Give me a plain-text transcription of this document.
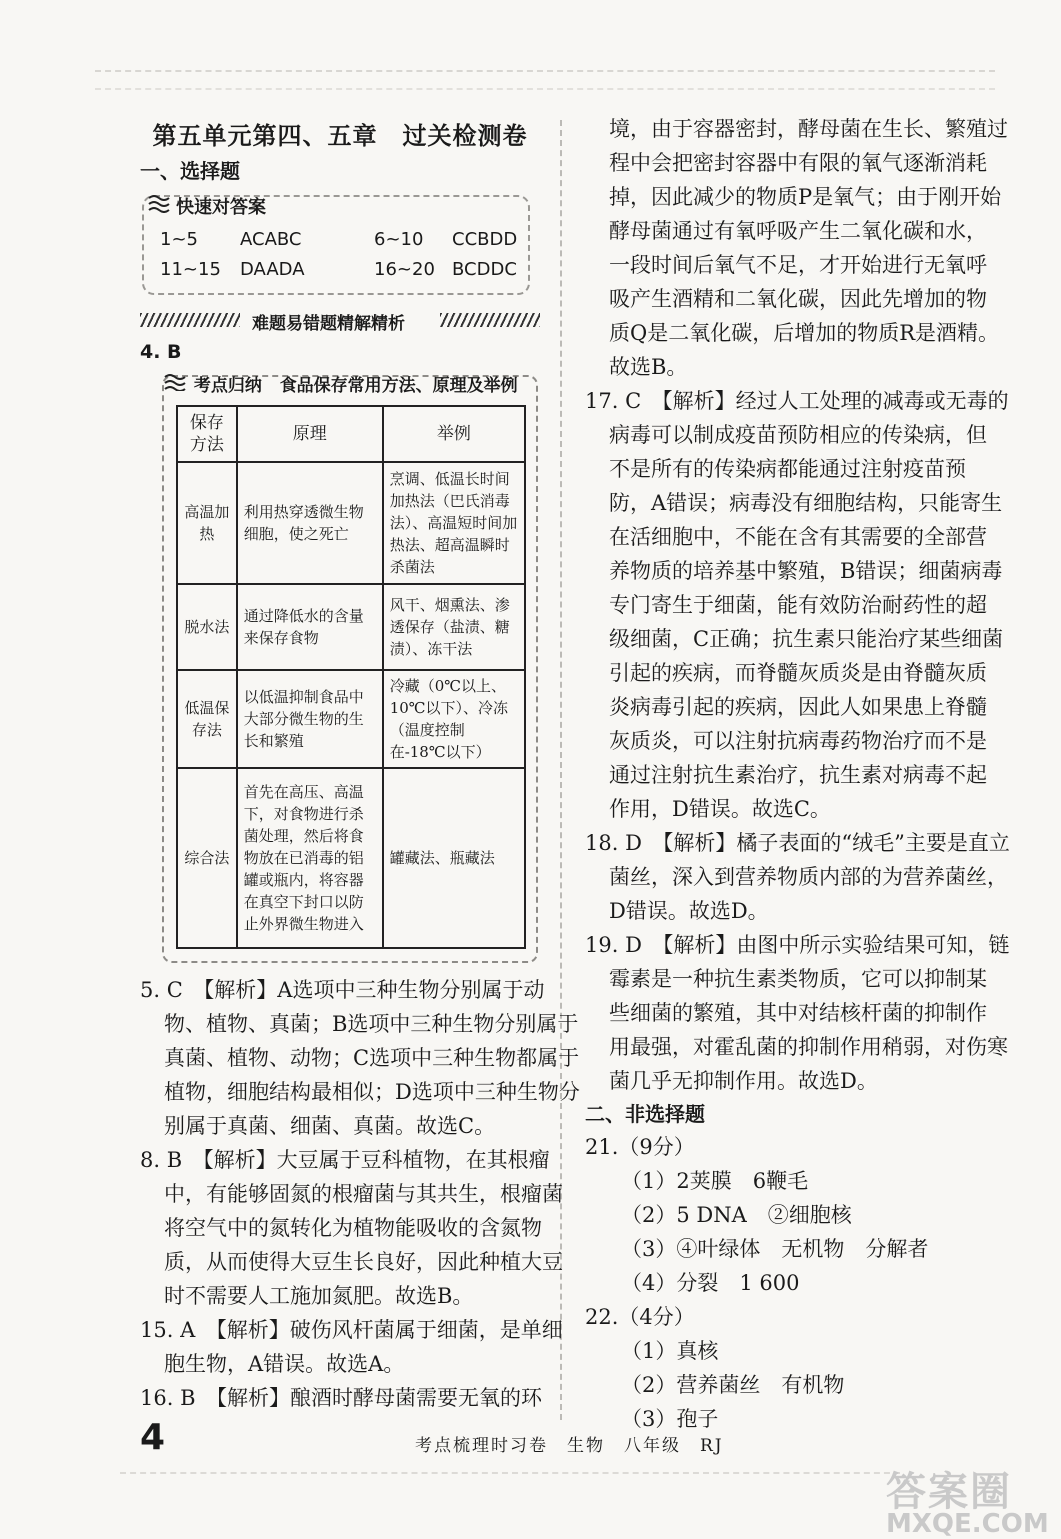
第五单元第四、五章　过关检测卷
一、选择题
快速对答案
1~5 ACABC	6~10 CCBDD
11~15 DAADA	16~20 BCDDC
难题易错题精解精析
4. B
考点归纳 食品保存常用方法、原理及举例
保存方法	原理	举例
高温加热	利用热穿透微生物细胞，使之死亡	烹调、低温长时间加热法（巴氏消毒法）、高温短时间加热法、超高温瞬时杀菌法
脱水法	通过降低水的含量来保存食物	风干、烟熏法、渗透保存（盐渍、糖渍）、冻干法
低温保存法	以低温抑制食品中大部分微生物的生长和繁殖	冷藏（0℃以上、10℃以下）、冷冻（温度控制在-18℃以下）
综合法	首先在高压、高温下，对食物进行杀菌处理，然后将食物放在已消毒的铝罐或瓶内，将容器在真空下封口以防止外界微生物进入	罐藏法、瓶藏法
5. C　【解析】A选项中三种生物分别属于动
物、植物、真菌；B选项中三种生物分别属于
真菌、植物、动物；C选项中三种生物都属于
植物，细胞结构最相似；D选项中三种生物分
别属于真菌、细菌、真菌。故选C。
8. B　【解析】大豆属于豆科植物，在其根瘤
中，有能够固氮的根瘤菌与其共生，根瘤菌
将空气中的氮转化为植物能吸收的含氮物
质，从而使得大豆生长良好，因此种植大豆
时不需要人工施加氮肥。故选B。
15. A　【解析】破伤风杆菌属于细菌，是单细
胞生物，A错误。故选A。
16. B　【解析】酿酒时酵母菌需要无氧的环
境，由于容器密封，酵母菌在生长、繁殖过
程中会把密封容器中有限的氧气逐渐消耗
掉，因此减少的物质P是氧气；由于刚开始
酵母菌通过有氧呼吸产生二氧化碳和水，
一段时间后氧气不足，才开始进行无氧呼
吸产生酒精和二氧化碳，因此先增加的物
质Q是二氧化碳，后增加的物质R是酒精。
故选B。
17. C　【解析】经过人工处理的减毒或无毒的
病毒可以制成疫苗预防相应的传染病，但
不是所有的传染病都能通过注射疫苗预
防，A错误；病毒没有细胞结构，只能寄生
在活细胞中，不能在含有其需要的全部营
养物质的培养基中繁殖，B错误；细菌病毒
专门寄生于细菌，能有效防治耐药性的超
级细菌，C正确；抗生素只能治疗某些细菌
引起的疾病，而脊髓灰质炎是由脊髓灰质
炎病毒引起的疾病，因此人如果患上脊髓
灰质炎，可以注射抗病毒药物治疗而不是
通过注射抗生素治疗，抗生素对病毒不起
作用，D错误。故选C。
18. D　【解析】橘子表面的“绒毛”主要是直立
菌丝，深入到营养物质内部的为营养菌丝，
D错误。故选D。
19. D　【解析】由图中所示实验结果可知，链
霉素是一种抗生素类物质，它可以抑制某
些细菌的繁殖，其中对结核杆菌的抑制作
用最强，对霍乱菌的抑制作用稍弱，对伤寒
菌几乎无抑制作用。故选D。
二、非选择题
21.（9分）
（1）2荚膜　6鞭毛
（2）5 DNA　②细胞核
（3）④叶绿体　无机物　分解者
（4）分裂　1 600
22.（4分）
（1）真核
（2）营养菌丝　有机物
（3）孢子
4	考点梳理时习卷　生物　八年级　RJ
答案圈
MXQE.COM
